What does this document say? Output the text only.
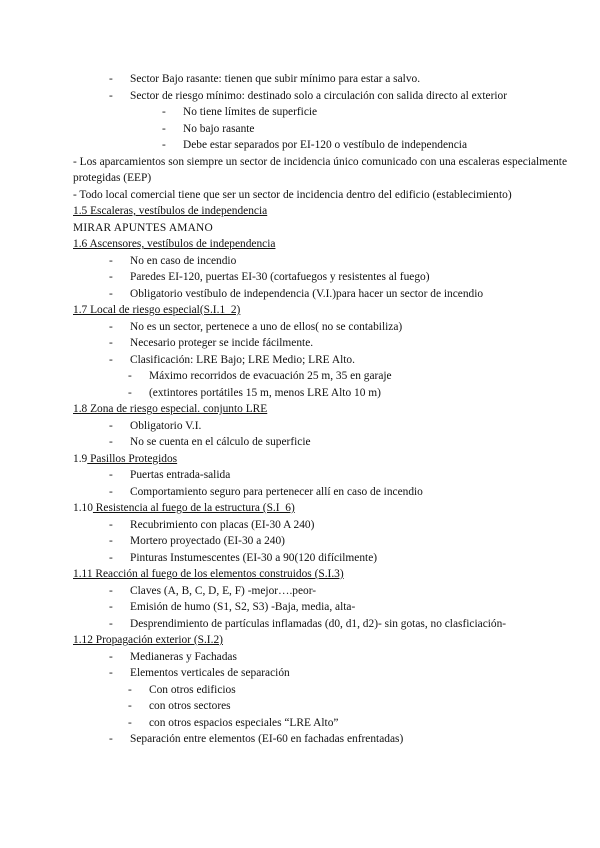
- Sector Bajo rasante: tienen que subir mínimo para estar a salvo.
- Sector de riesgo mínimo: destinado solo a circulación con salida directo al exterior
- No tiene límites de superficie
- No bajo rasante
- Debe estar separados por EI-120 o vestíbulo de independencia
- Los aparcamientos son siempre un sector de incidencia único comunicado con una escaleras especialmente protegidas (EEP)
- Todo local comercial tiene que ser un sector de incidencia dentro del edificio (establecimiento)
1.5 Escaleras, vestíbulos de independencia
MIRAR APUNTES AMANO
1.6 Ascensores, vestíbulos de independencia
- No en caso de incendio
- Paredes EI-120, puertas EI-30 (cortafuegos y resistentes al fuego)
- Obligatorio vestíbulo de independencia (V.I.)para hacer un sector de incendio
1.7 Local de riesgo especial(S.I.1_2)
- No es un sector, pertenece a uno de ellos( no se contabiliza)
- Necesario proteger se incide fácilmente.
- Clasificación: LRE Bajo; LRE Medio; LRE Alto.
- Máximo recorridos de evacuación 25 m, 35 en garaje
- (extintores portátiles 15 m, menos LRE Alto 10 m)
1.8 Zona de riesgo especial. conjunto LRE
- Obligatorio V.I.
- No se cuenta en el cálculo de superficie
1.9 Pasillos Protegidos
- Puertas entrada-salida
- Comportamiento seguro para pertenecer allí en caso de incendio
1.10 Resistencia al fuego de la estructura (S.I_6)
- Recubrimiento con placas (EI-30 A 240)
- Mortero proyectado (EI-30 a 240)
- Pinturas Instumescentes (EI-30 a 90(120 difícilmente)
1.11 Reacción al fuego de los elementos construidos (S.I.3)
- Claves (A, B, C, D, E, F) -mejor….peor-
- Emisión de humo (S1, S2, S3) -Baja, media, alta-
- Desprendimiento de partículas inflamadas (d0, d1, d2)- sin gotas, no clasficiación-
1.12 Propagación exterior (S.I.2)
- Medianeras y Fachadas
- Elementos verticales de separación
- Con otros edificios
- con otros sectores
- con otros espacios especiales “LRE Alto”
- Separación entre elementos (EI-60 en fachadas enfrentadas)
